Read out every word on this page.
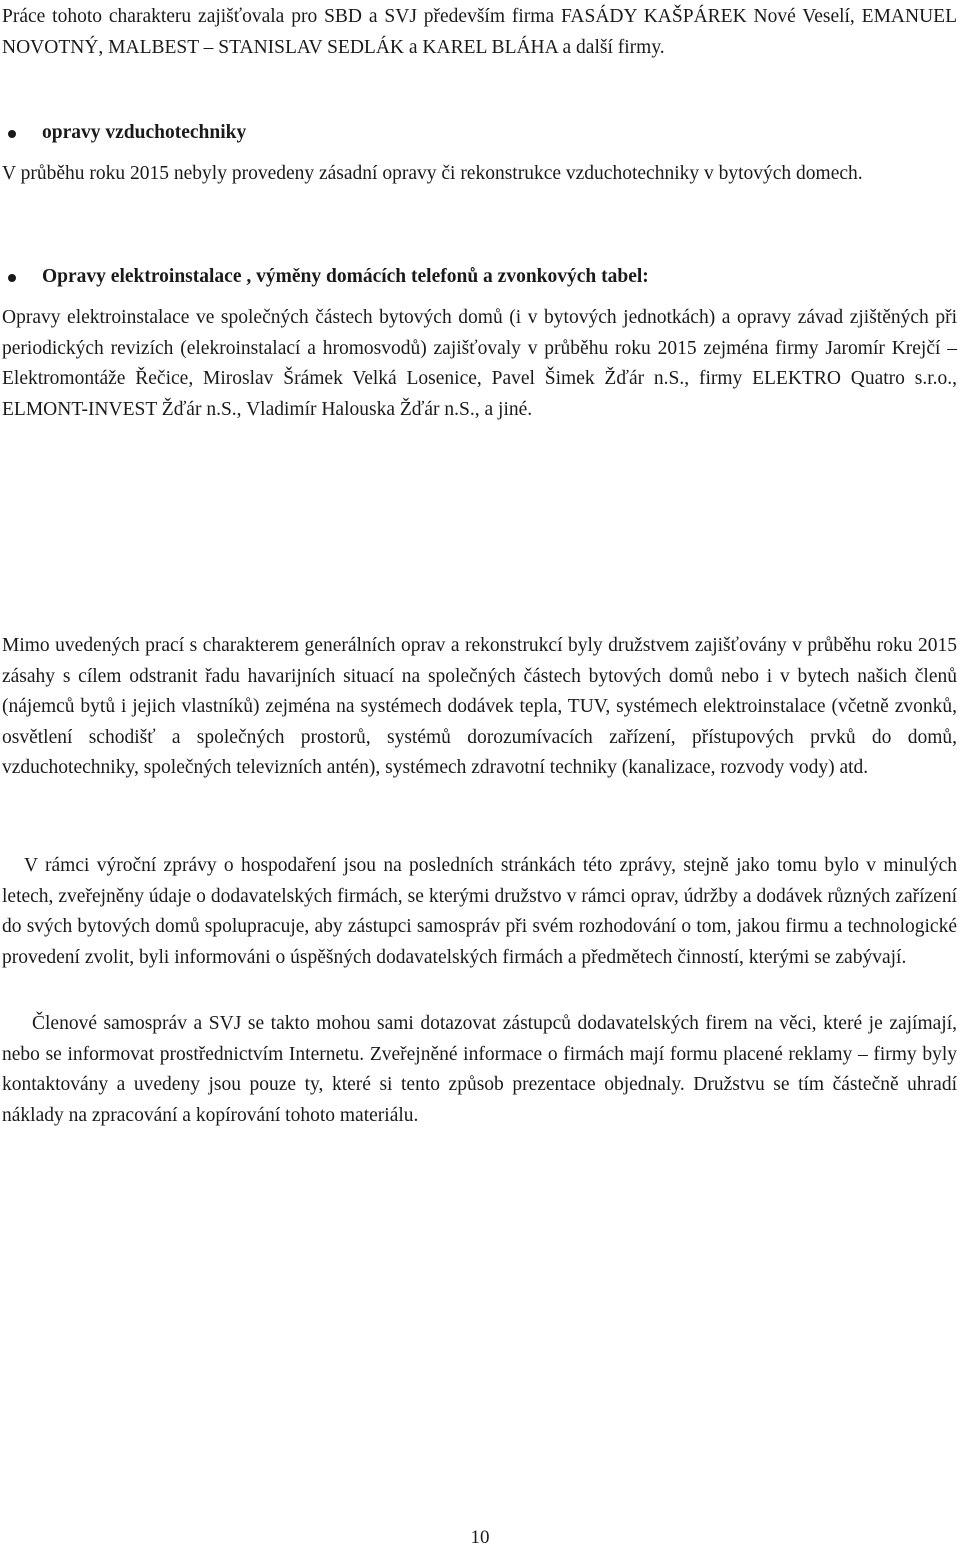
Práce tohoto charakteru zajišťovala pro SBD a SVJ především firma FASÁDY KAŠPÁREK Nové Veselí, EMANUEL NOVOTNÝ, MALBEST – STANISLAV SEDLÁK a KAREL BLÁHA a další firmy.

opravy vzduchotechniky

V průběhu roku 2015 nebyly provedeny zásadní opravy či rekonstrukce vzduchotechniky v bytových domech.

Opravy elektroinstalace , výměny domácích telefonů a zvonkových tabel:

Opravy elektroinstalace ve společných částech bytových domů (i v bytových jednotkách) a opravy závad zjištěných při periodických revizích (elekroinstalací a hromosvodů) zajišťovaly v průběhu roku 2015 zejména firmy Jaromír Krejčí – Elektromontáže Řečice, Miroslav Šrámek Velká Losenice, Pavel Šimek Žďár n.S., firmy ELEKTRO Quatro s.r.o., ELMONT-INVEST Žďár n.S., Vladimír Halouska Žďár n.S., a jiné.

Mimo uvedených prací s charakterem generálních oprav a rekonstrukcí byly družstvem zajišťovány v průběhu roku 2015 zásahy s cílem odstranit řadu havarijních situací na společných částech bytových domů nebo i v bytech našich členů (nájemců bytů i jejich vlastníků) zejména na systémech dodávek tepla, TUV, systémech elektroinstalace (včetně zvonků, osvětlení schodišť a společných prostorů, systémů dorozumívacích zařízení, přístupových prvků do domů, vzduchotechniky, společných televizních antén), systémech zdravotní techniky (kanalizace, rozvody vody) atd.

V rámci výroční zprávy o hospodaření jsou na posledních stránkách této zprávy, stejně jako tomu bylo v minulých letech, zveřejněny údaje o dodavatelských firmách, se kterými družstvo v rámci oprav, údržby a dodávek různých zařízení do svých bytových domů spolupracuje, aby zástupci samospráv při svém rozhodování o tom, jakou firmu a technologické provedení zvolit, byli informováni o úspěšných dodavatelských firmách a předmětech činností, kterými se zabývají.

Členové samospráv a SVJ se takto mohou sami dotazovat zástupců dodavatelských firem na věci, které je zajímají, nebo se informovat prostřednictvím Internetu. Zveřejněné informace o firmách mají formu placené reklamy – firmy byly kontaktovány a uvedeny jsou pouze ty, které si tento způsob prezentace objednaly. Družstvu se tím částečně uhradí náklady na zpracování a kopírování tohoto materiálu.

10
